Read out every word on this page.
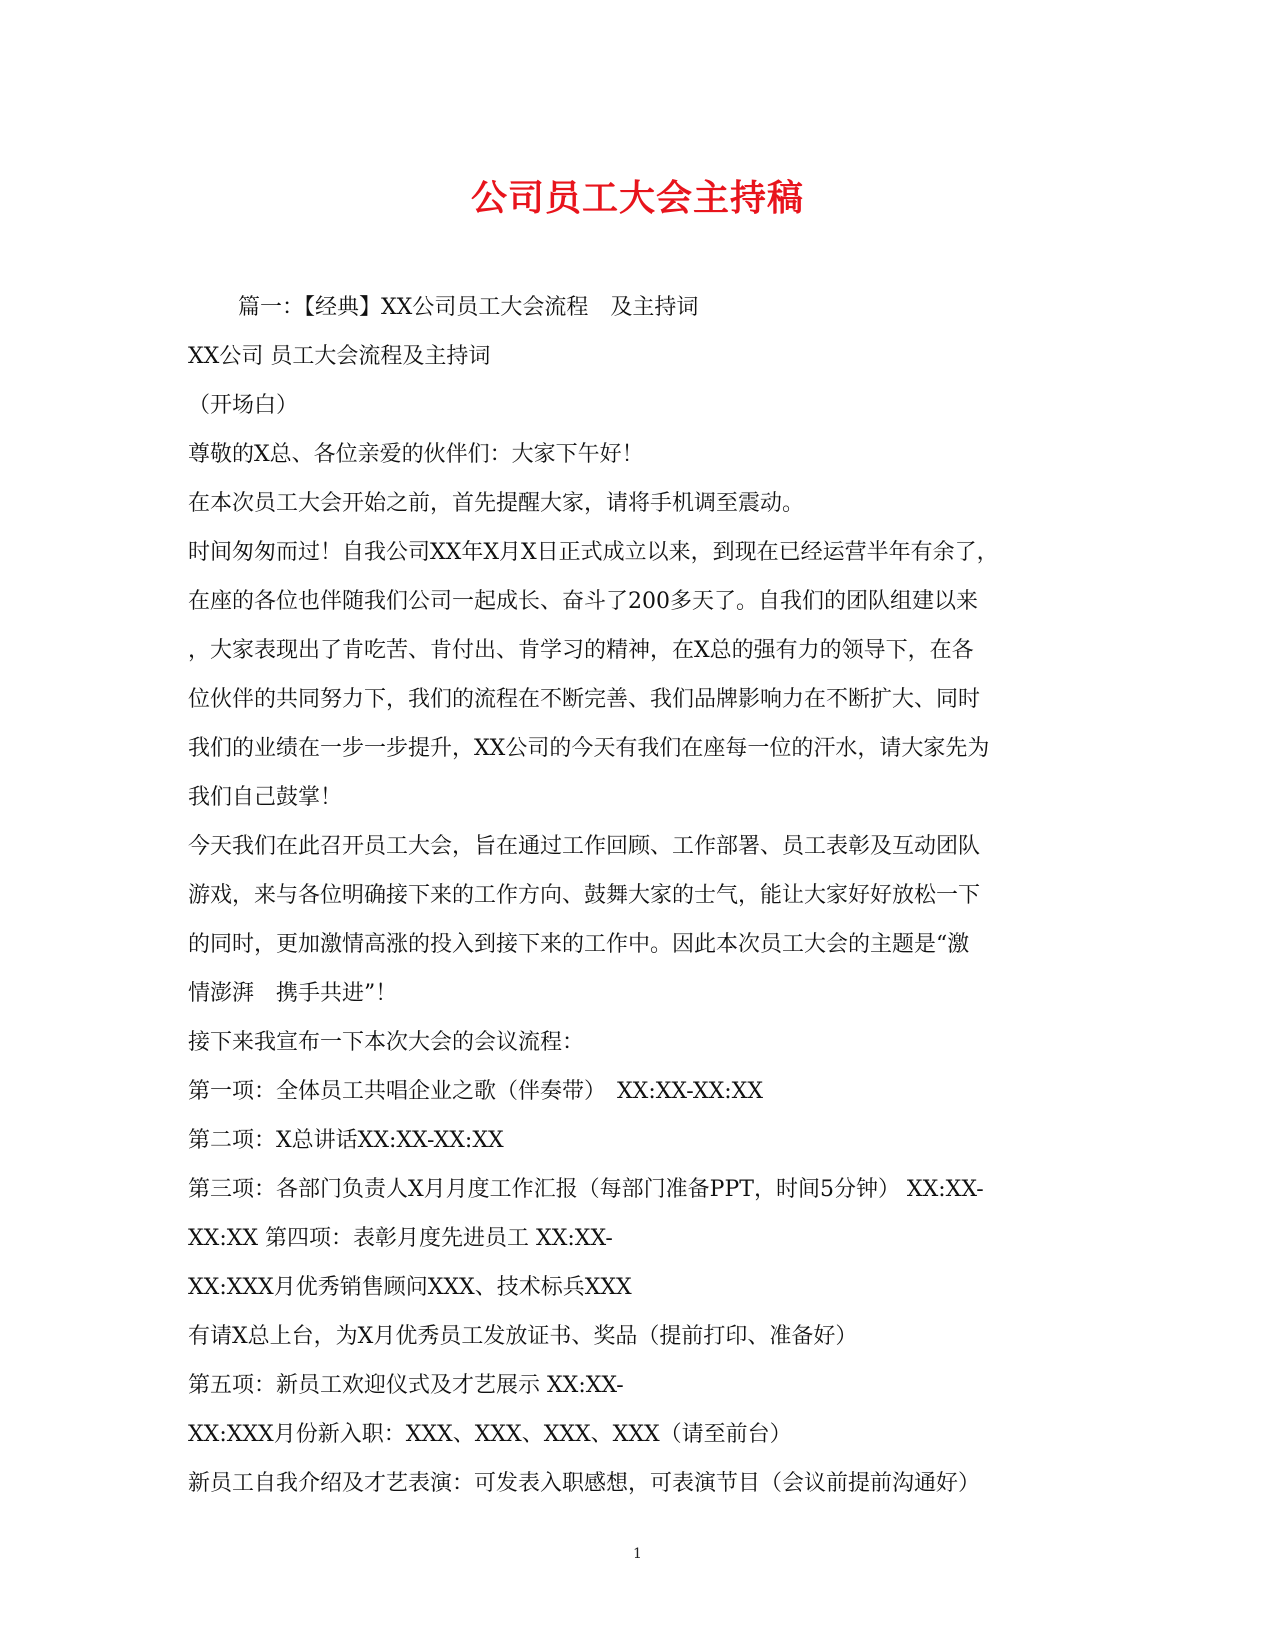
公司员工大会主持稿
篇一：【经典】XX公司员工大会流程　及主持词
XX公司 员工大会流程及主持词
（开场白）
尊敬的X总、各位亲爱的伙伴们：大家下午好！
在本次员工大会开始之前，首先提醒大家，请将手机调至震动。
时间匆匆而过！自我公司XX年X月X日正式成立以来，到现在已经运营半年有余了，
在座的各位也伴随我们公司一起成长、奋斗了200多天了。自我们的团队组建以来
，大家表现出了肯吃苦、肯付出、肯学习的精神，在X总的强有力的领导下，在各
位伙伴的共同努力下，我们的流程在不断完善、我们品牌影响力在不断扩大、同时
我们的业绩在一步一步提升，XX公司的今天有我们在座每一位的汗水，请大家先为
我们自己鼓掌！
今天我们在此召开员工大会，旨在通过工作回顾、工作部署、员工表彰及互动团队
游戏，来与各位明确接下来的工作方向、鼓舞大家的士气，能让大家好好放松一下
的同时，更加激情高涨的投入到接下来的工作中。因此本次员工大会的主题是“激
情澎湃　携手共进”！
接下来我宣布一下本次大会的会议流程：
第一项：全体员工共唱企业之歌（伴奏带）　XX:XX-XX:XX
第二项：X总讲话XX:XX-XX:XX
第三项：各部门负责人X月月度工作汇报（每部门准备PPT，时间5分钟） XX:XX-
XX:XX 第四项：表彰月度先进员工 XX:XX-
XX:XXX月优秀销售顾问XXX、技术标兵XXX
有请X总上台，为X月优秀员工发放证书、奖品（提前打印、准备好）
第五项：新员工欢迎仪式及才艺展示 XX:XX-
XX:XXX月份新入职：XXX、XXX、XXX、XXX（请至前台）
新员工自我介绍及才艺表演：可发表入职感想，可表演节目（会议前提前沟通好）
1
